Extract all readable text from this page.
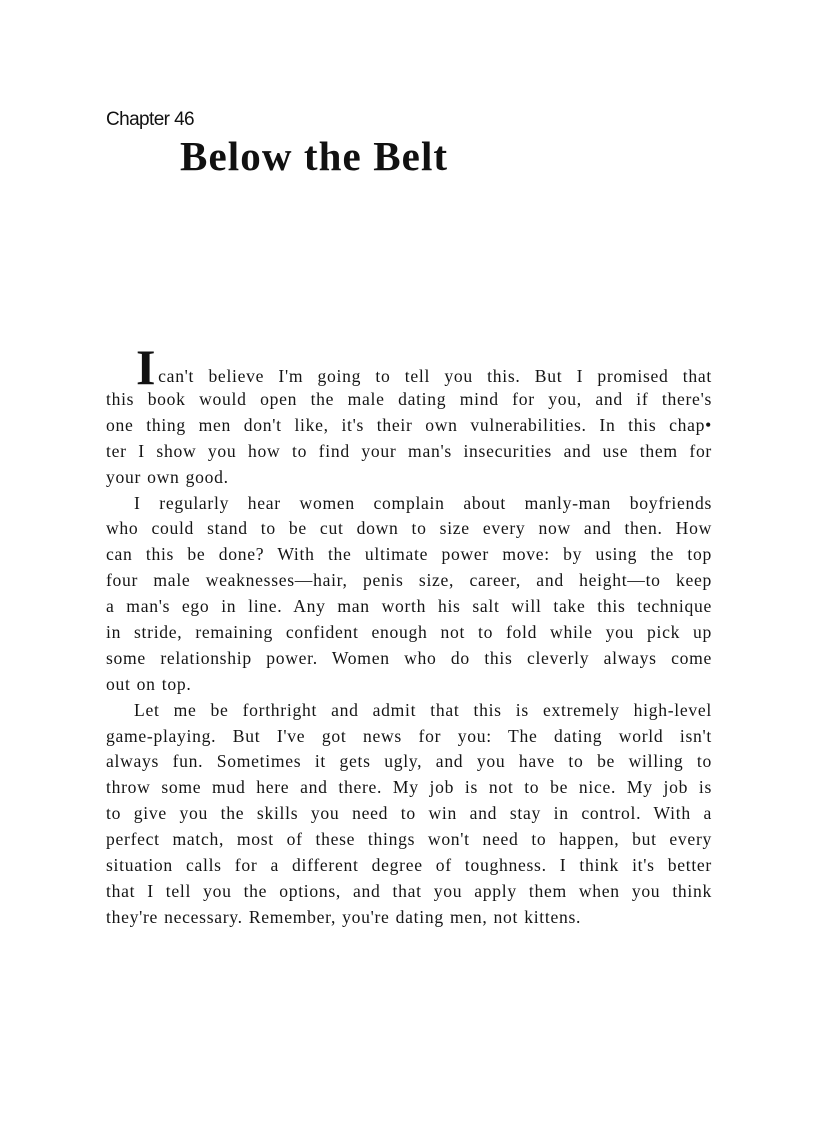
Chapter 46
Below the Belt
I can't believe I'm going to tell you this. But I promised that
this book would open the male dating mind for you, and if there's
one thing men don't like, it's their own vulnerabilities. In this chap•
ter I show you how to find your man's insecurities and use them for
your own good.
I regularly hear women complain about manly-man boyfriends
who could stand to be cut down to size every now and then. How
can this be done? With the ultimate power move: by using the top
four male weaknesses—hair, penis size, career, and height—to keep
a man's ego in line. Any man worth his salt will take this technique
in stride, remaining confident enough not to fold while you pick up
some relationship power. Women who do this cleverly always come
out on top.
Let me be forthright and admit that this is extremely high-level
game-playing. But I've got news for you: The dating world isn't
always fun. Sometimes it gets ugly, and you have to be willing to
throw some mud here and there. My job is not to be nice. My job is
to give you the skills you need to win and stay in control. With a
perfect match, most of these things won't need to happen, but every
situation calls for a different degree of toughness. I think it's better
that I tell you the options, and that you apply them when you think
they're necessary. Remember, you're dating men, not kittens.
